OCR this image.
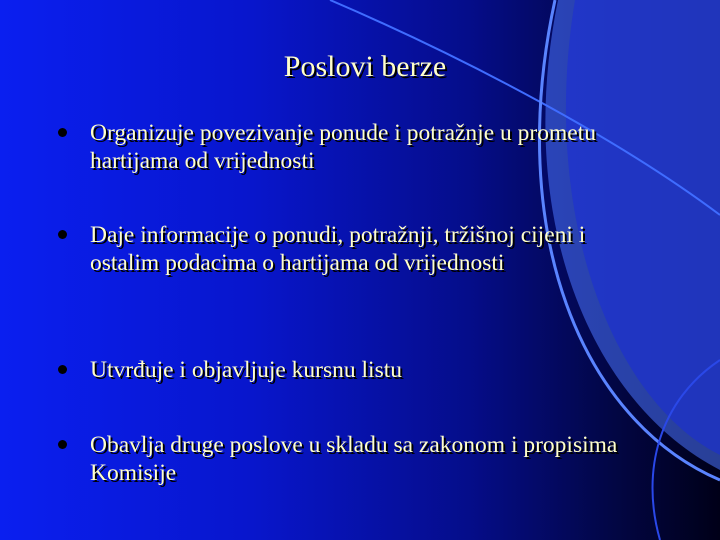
Poslovi berze
Organizuje povezivanje ponude i potražnje u prometu hartijama od vrijednosti
Daje informacije o ponudi, potražnji, tržišnoj cijeni i ostalim podacima o hartijama od vrijednosti
Utvrđuje i objavljuje kursnu listu
Obavlja druge poslove u skladu sa zakonom i propisima Komisije
